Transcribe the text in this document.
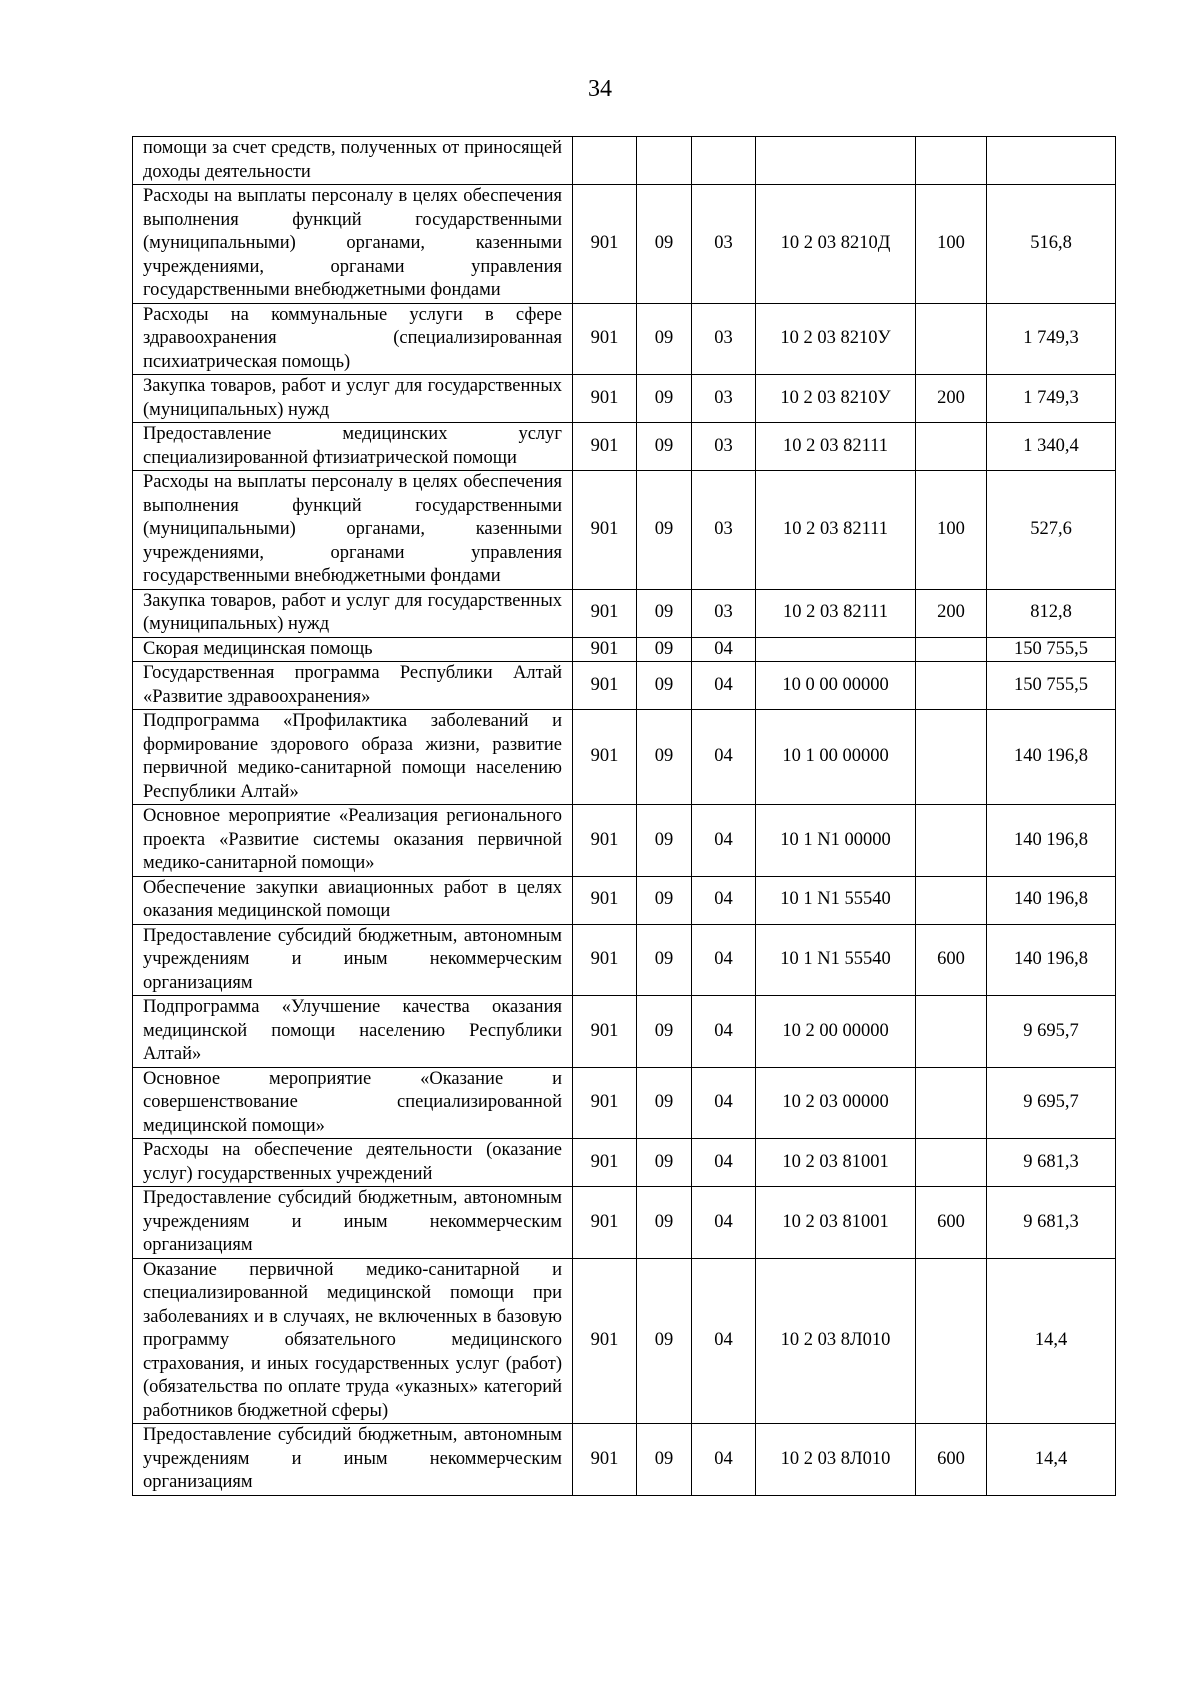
34
помощи за счет средств, полученных от приносящей доходы деятельности						
Расходы на выплаты персоналу в целях обеспечения выполнения функций государственными (муниципальными) органами, казенными учреждениями, органами управления государственными внебюджетными фондами	901	09	03	10 2 03 8210Д	100	516,8
Расходы на коммунальные услуги в сфере здравоохранения (специализированная психиатрическая помощь)	901	09	03	10 2 03 8210У		1 749,3
Закупка товаров, работ и услуг для государственных (муниципальных) нужд	901	09	03	10 2 03 8210У	200	1 749,3
Предоставление медицинских услуг специализированной фтизиатрической помощи	901	09	03	10 2 03 82111		1 340,4
Расходы на выплаты персоналу в целях обеспечения выполнения функций государственными (муниципальными) органами, казенными учреждениями, органами управления государственными внебюджетными фондами	901	09	03	10 2 03 82111	100	527,6
Закупка товаров, работ и услуг для государственных (муниципальных) нужд	901	09	03	10 2 03 82111	200	812,8
Скорая медицинская помощь	901	09	04			150 755,5
Государственная программа Республики Алтай «Развитие здравоохранения»	901	09	04	10 0 00 00000		150 755,5
Подпрограмма «Профилактика заболеваний и формирование здорового образа жизни, развитие первичной медико-санитарной помощи населению Республики Алтай»	901	09	04	10 1 00 00000		140 196,8
Основное мероприятие «Реализация регионального проекта «Развитие системы оказания первичной медико-санитарной помощи»	901	09	04	10 1 N1 00000		140 196,8
Обеспечение закупки авиационных работ в целях оказания медицинской помощи	901	09	04	10 1 N1 55540		140 196,8
Предоставление субсидий бюджетным, автономным учреждениям и иным некоммерческим организациям	901	09	04	10 1 N1 55540	600	140 196,8
Подпрограмма «Улучшение качества оказания медицинской помощи населению Республики Алтай»	901	09	04	10 2 00 00000		9 695,7
Основное мероприятие «Оказание и совершенствование специализированной медицинской помощи»	901	09	04	10 2 03 00000		9 695,7
Расходы на обеспечение деятельности (оказание услуг) государственных учреждений	901	09	04	10 2 03 81001		9 681,3
Предоставление субсидий бюджетным, автономным учреждениям и иным некоммерческим организациям	901	09	04	10 2 03 81001	600	9 681,3
Оказание первичной медико-санитарной и специализированной медицинской помощи при заболеваниях и в случаях, не включенных в базовую программу обязательного медицинского страхования, и иных государственных услуг (работ) (обязательства по оплате труда «указных» категорий работников бюджетной сферы)	901	09	04	10 2 03 8Л010		14,4
Предоставление субсидий бюджетным, автономным учреждениям и иным некоммерческим организациям	901	09	04	10 2 03 8Л010	600	14,4
